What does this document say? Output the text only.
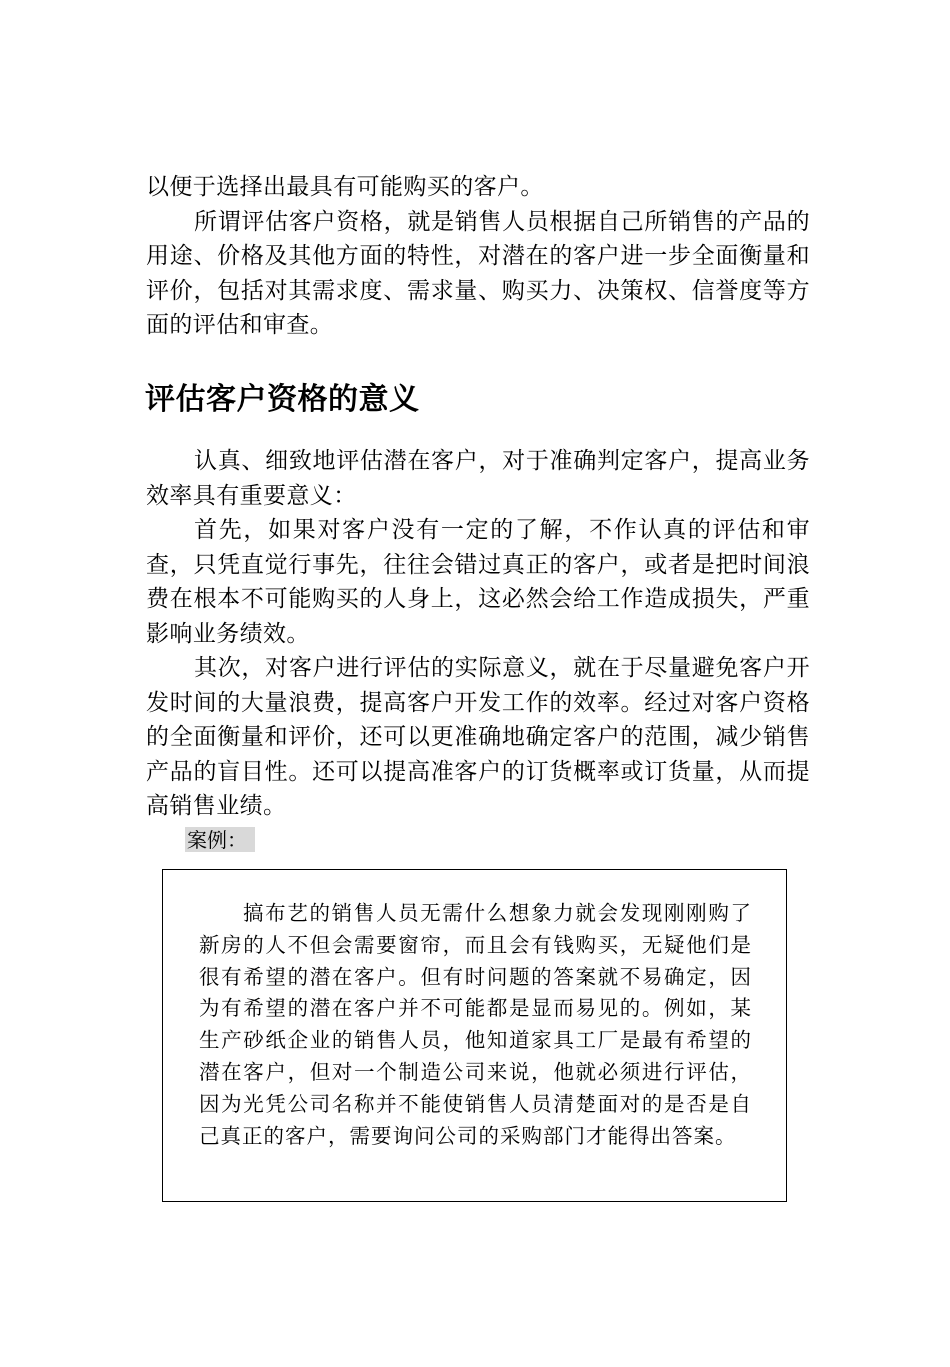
以便于选择出最具有可能购买的客户。

所谓评估客户资格，就是销售人员根据自己所销售的产品的用途、价格及其他方面的特性，对潜在的客户进一步全面衡量和评价，包括对其需求度、需求量、购买力、决策权、信誉度等方面的评估和审查。

评估客户资格的意义

认真、细致地评估潜在客户，对于准确判定客户，提高业务效率具有重要意义：

首先，如果对客户没有一定的了解，不作认真的评估和审查，只凭直觉行事先，往往会错过真正的客户，或者是把时间浪费在根本不可能购买的人身上，这必然会给工作造成损失，严重影响业务绩效。

其次，对客户进行评估的实际意义，就在于尽量避免客户开发时间的大量浪费，提高客户开发工作的效率。经过对客户资格的全面衡量和评价，还可以更准确地确定客户的范围，减少销售产品的盲目性。还可以提高准客户的订货概率或订货量，从而提高销售业绩。

案例：

搞布艺的销售人员无需什么想象力就会发现刚刚购了新房的人不但会需要窗帘，而且会有钱购买，无疑他们是很有希望的潜在客户。但有时问题的答案就不易确定，因为有希望的潜在客户并不可能都是显而易见的。例如，某生产砂纸企业的销售人员，他知道家具工厂是最有希望的潜在客户，但对一个制造公司来说，他就必须进行评估，因为光凭公司名称并不能使销售人员清楚面对的是否是自己真正的客户，需要询问公司的采购部门才能得出答案。
